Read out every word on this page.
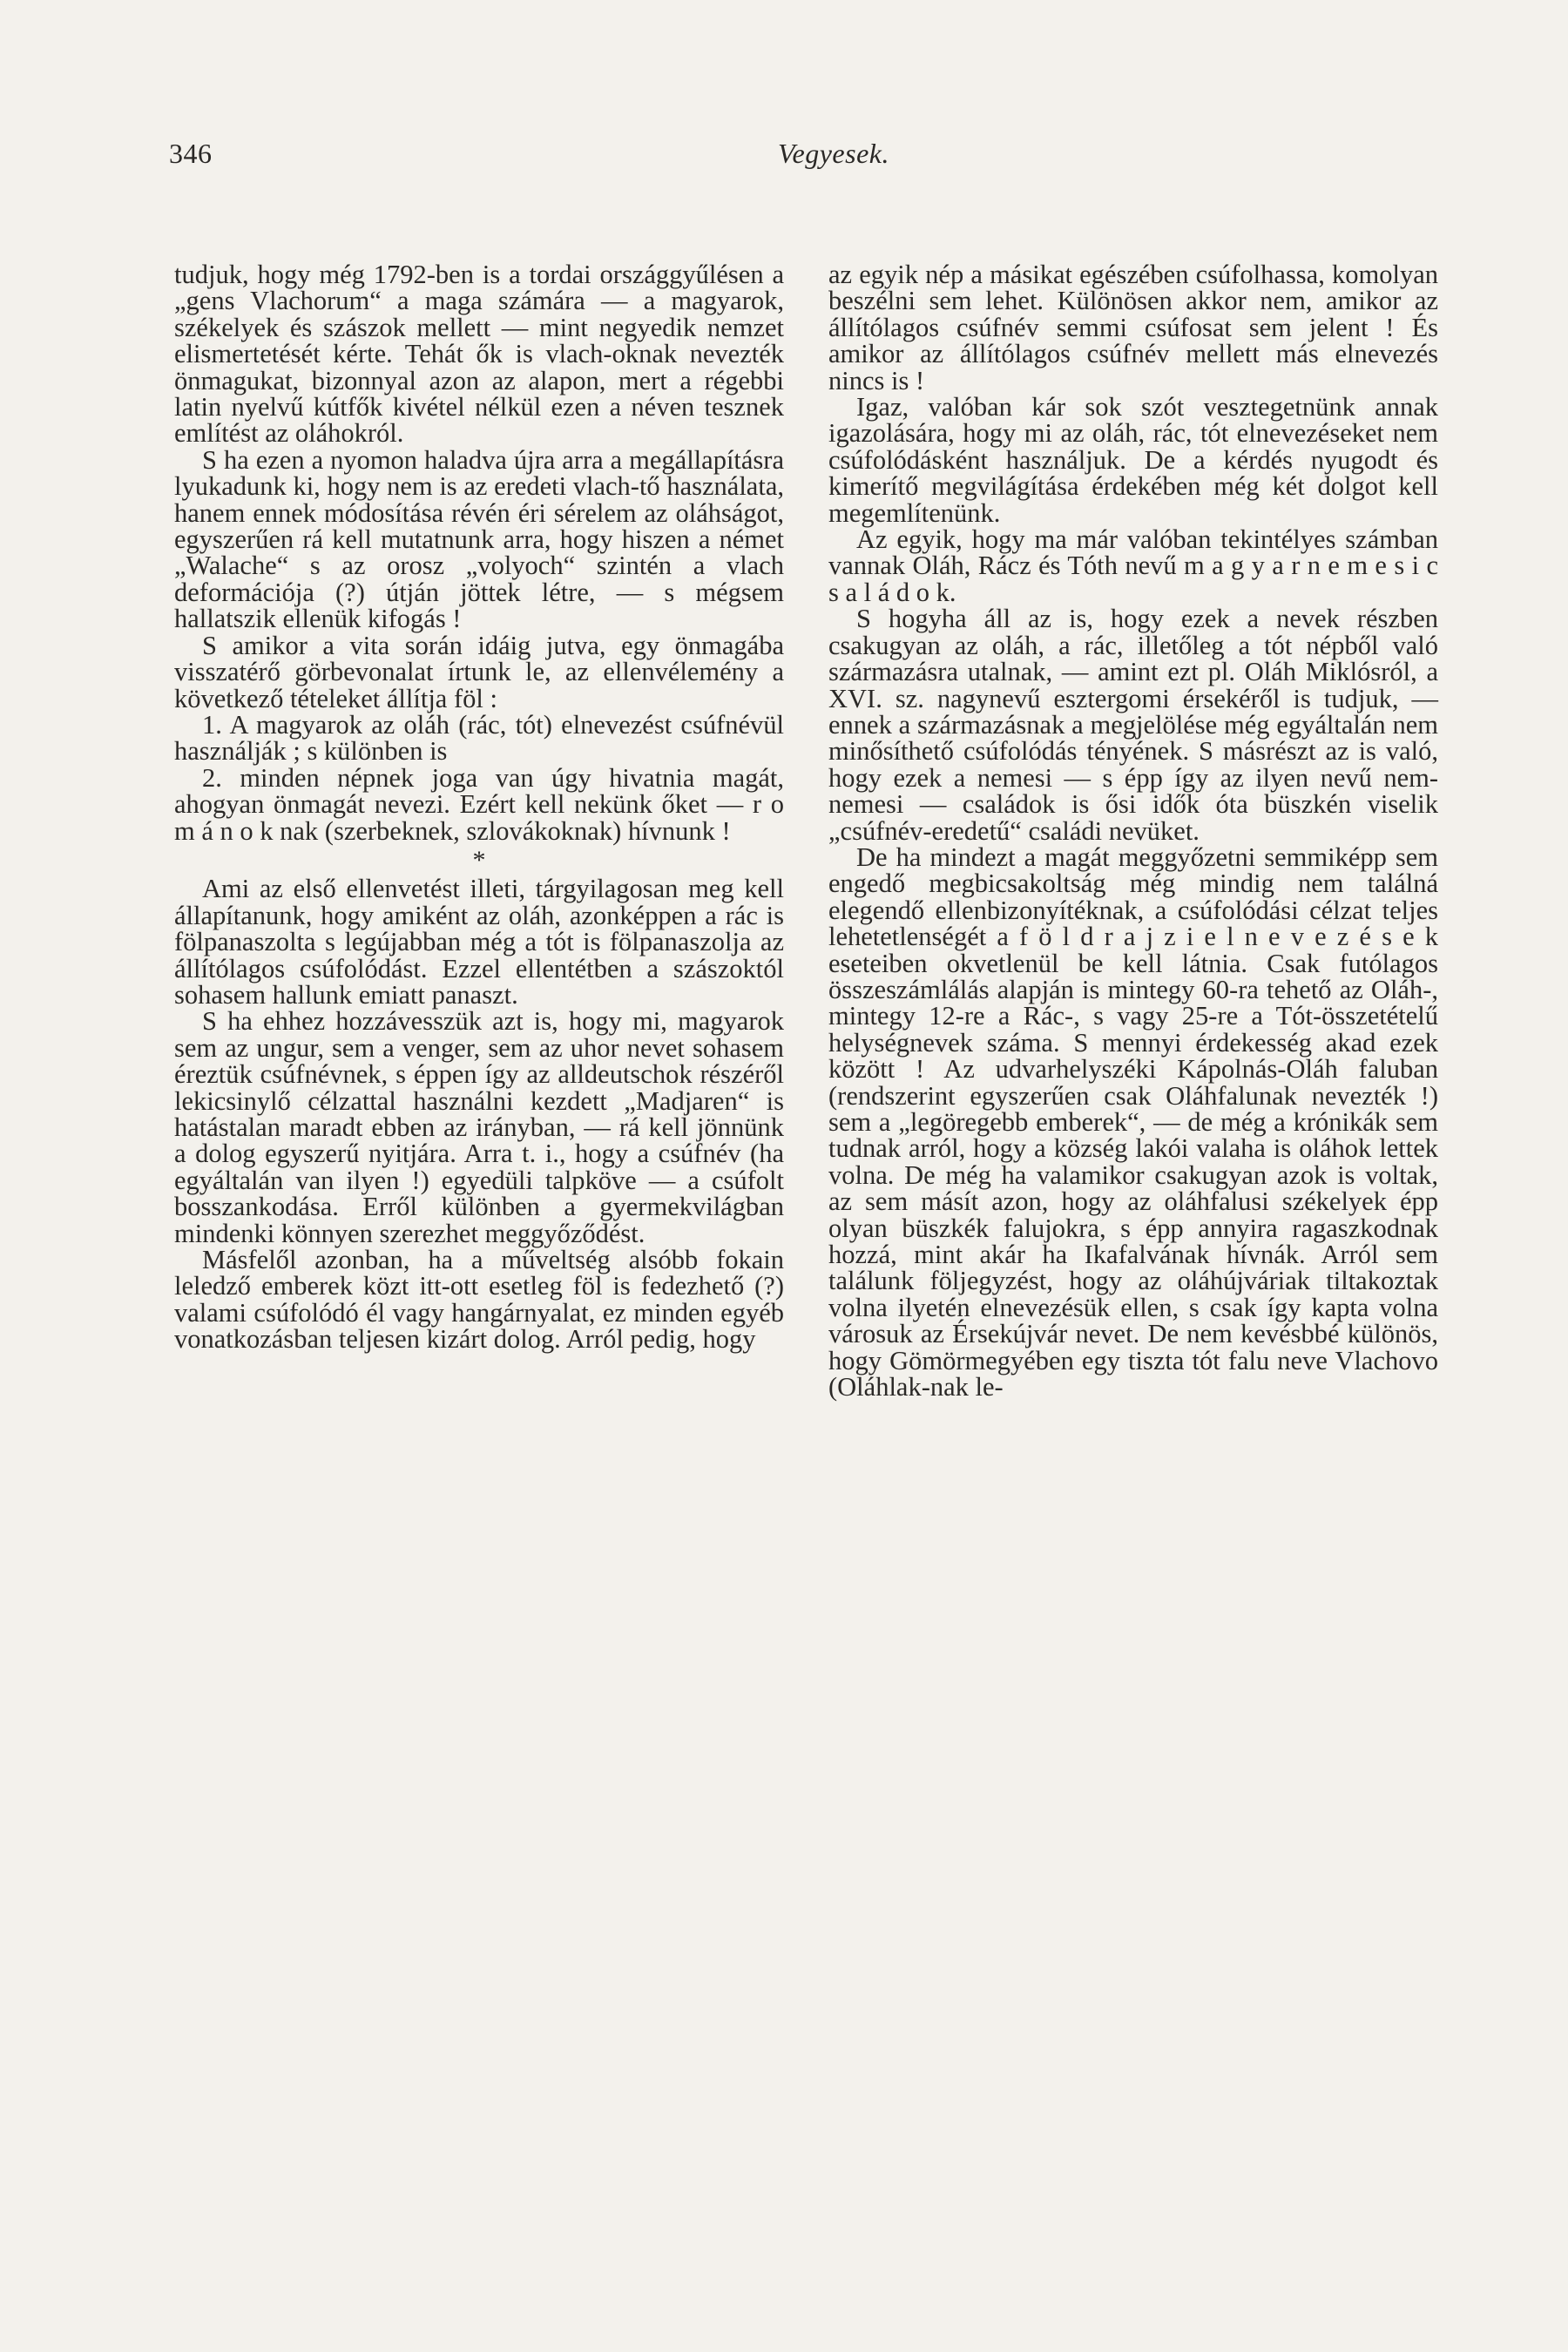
346	Vegyesek.

tudjuk, hogy még 1792-ben is a tordai országgyűlésen a „gens Vlachorum“ a maga számára — a magyarok, székelyek és szászok mellett — mint negyedik nemzet elismertetését kérte. Tehát ők is vlach-oknak nevezték önmagukat, bizonnyal azon az alapon, mert a régebbi latin nyelvű kútfők kivétel nélkül ezen a néven tesznek említést az oláhokról.

S ha ezen a nyomon haladva újra arra a megállapításra lyukadunk ki, hogy nem is az eredeti vlach-tő használata, hanem ennek módosítása révén éri sérelem az oláhságot, egyszerűen rá kell mutatnunk arra, hogy hiszen a német „Walache“ s az orosz „volyoch“ szintén a vlach deformációja (?) útján jöttek létre, — s mégsem hallatszik ellenük kifogás !

S amikor a vita során idáig jutva, egy önmagába visszatérő görbevonalat írtunk le, az ellenvélemény a következő tételeket állítja föl :

1. A magyarok az oláh (rác, tót) elnevezést csúfnévül használják ; s különben is

2. minden népnek joga van úgy hivatnia magát, ahogyan önmagát nevezi. Ezért kell nekünk őket — r o m á n o k nak (szerbeknek, szlovákoknak) hívnunk !

*

Ami az első ellenvetést illeti, tárgyilagosan meg kell állapítanunk, hogy amiként az oláh, azonképpen a rác is fölpanaszolta s legújabban még a tót is fölpanaszolja az állítólagos csúfolódást. Ezzel ellentétben a szászoktól sohasem hallunk emiatt panaszt.

S ha ehhez hozzávesszük azt is, hogy mi, magyarok sem az ungur, sem a venger, sem az uhor nevet sohasem éreztük csúfnévnek, s éppen így az alldeutschok részéről lekicsinylő célzattal használni kezdett „Madjaren“ is hatástalan maradt ebben az irányban, — rá kell jönnünk a dolog egyszerű nyitjára. Arra t. i., hogy a csúfnév (ha egyáltalán van ilyen !) egyedüli talpköve — a csúfolt bosszankodása. Erről különben a gyermekvilágban mindenki könnyen szerezhet meggyőződést.

Másfelől azonban, ha a műveltség alsóbb fokain leledző emberek közt itt-ott esetleg föl is fedezhető (?) valami csúfolódó él vagy hangárnyalat, ez minden egyéb vonatkozásban teljesen kizárt dolog. Arról pedig, hogy

az egyik nép a másikat egészében csúfolhassa, komolyan beszélni sem lehet. Különösen akkor nem, amikor az állítólagos csúfnév semmi csúfosat sem jelent ! És amikor az állítólagos csúfnév mellett más elnevezés nincs is !

Igaz, valóban kár sok szót vesztegetnünk annak igazolására, hogy mi az oláh, rác, tót elnevezéseket nem csúfolódásként használjuk. De a kérdés nyugodt és kimerítő megvilágítása érdekében még két dolgot kell megemlítenünk.

Az egyik, hogy ma már valóban tekintélyes számban vannak Oláh, Rácz és Tóth nevű m a g y a r n e m e s i c s a l á d o k.

S hogyha áll az is, hogy ezek a nevek részben csakugyan az oláh, a rác, illetőleg a tót népből való származásra utalnak, — amint ezt pl. Oláh Miklósról, a XVI. sz. nagynevű esztergomi érsekéről is tudjuk, — ennek a származásnak a megjelölése még egyáltalán nem minősíthető csúfolódás tényének. S másrészt az is való, hogy ezek a nemesi — s épp így az ilyen nevű nem-nemesi — családok is ősi idők óta büszkén viselik „csúfnév-eredetű“ családi nevüket.

De ha mindezt a magát meggyőzetni semmiképp sem engedő megbicsakoltság még mindig nem találná elegendő ellenbizonyítéknak, a csúfolódási célzat teljes lehetetlenségét a f ö l d r a j z i e l n e v e z é s e k eseteiben okvetlenül be kell látnia. Csak futólagos összeszámlálás alapján is mintegy 60-ra tehető az Oláh-, mintegy 12-re a Rác-, s vagy 25-re a Tót-összetételű helységnevek száma. S mennyi érdekesség akad ezek között ! Az udvarhelyszéki Kápolnás-Oláh faluban (rendszerint egyszerűen csak Oláhfalunak nevezték !) sem a „legöregebb emberek“, — de még a krónikák sem tudnak arról, hogy a község lakói valaha is oláhok lettek volna. De még ha valamikor csakugyan azok is voltak, az sem másít azon, hogy az oláhfalusi székelyek épp olyan büszkék falujokra, s épp annyira ragaszkodnak hozzá, mint akár ha Ikafalvának hívnák. Arról sem találunk följegyzést, hogy az oláhújváriak tiltakoztak volna ilyetén elnevezésük ellen, s csak így kapta volna városuk az Érsekújvár nevet. De nem kevésbbé különös, hogy Gömörmegyében egy tiszta tót falu neve Vlachovo (Oláhlak-nak le-
